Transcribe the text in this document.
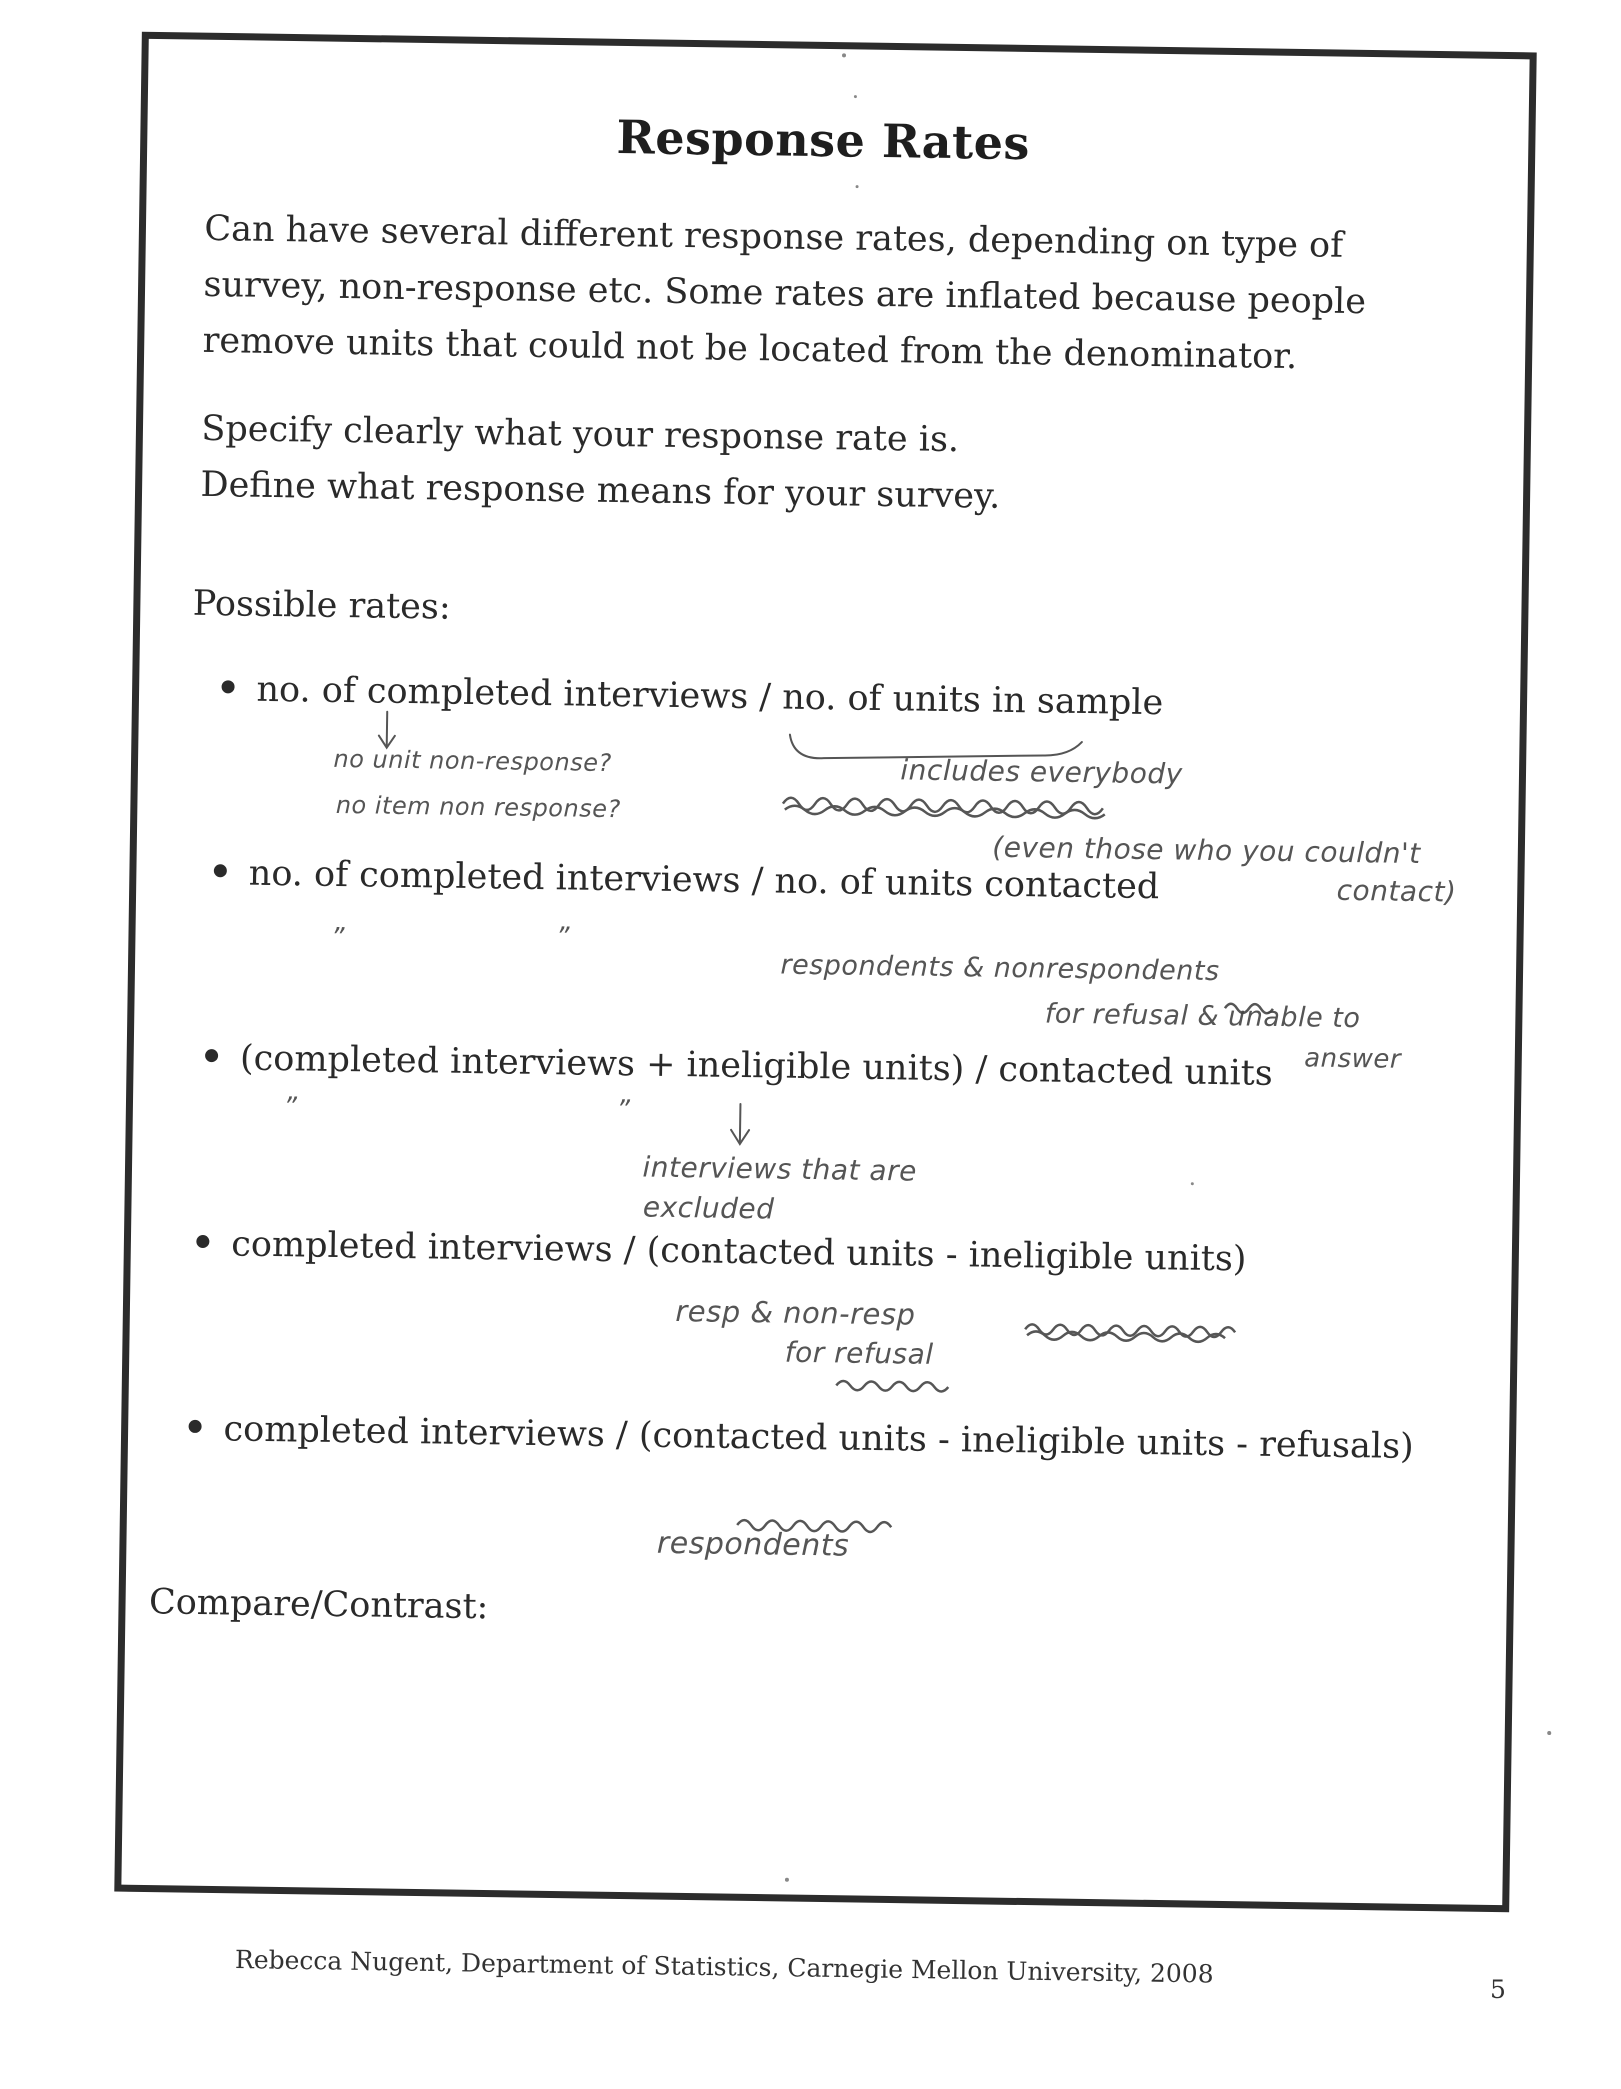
Response Rates
Can have several different response rates, depending on type of survey, non-response etc. Some rates are inflated because people remove units that could not be located from the denominator.
Specify clearly what your response rate is.
Define what response means for your survey.
Possible rates:
no. of completed interviews / no. of units in sample
no. of completed interviews / no. of units contacted
(completed interviews + ineligible units) / contacted units
completed interviews / (contacted units - ineligible units)
completed interviews / (contacted units - ineligible units - refusals)
Compare/Contrast:
no unit non-response?
no item non response?
includes everybody
(even those who you couldn't
contact)
”	”
respondents & nonrespondents
for refusal & unable to
answer
”	”
interviews that are
excluded
resp & non-resp
for refusal
respondents
Rebecca Nugent, Department of Statistics, Carnegie Mellon University, 2008
5
